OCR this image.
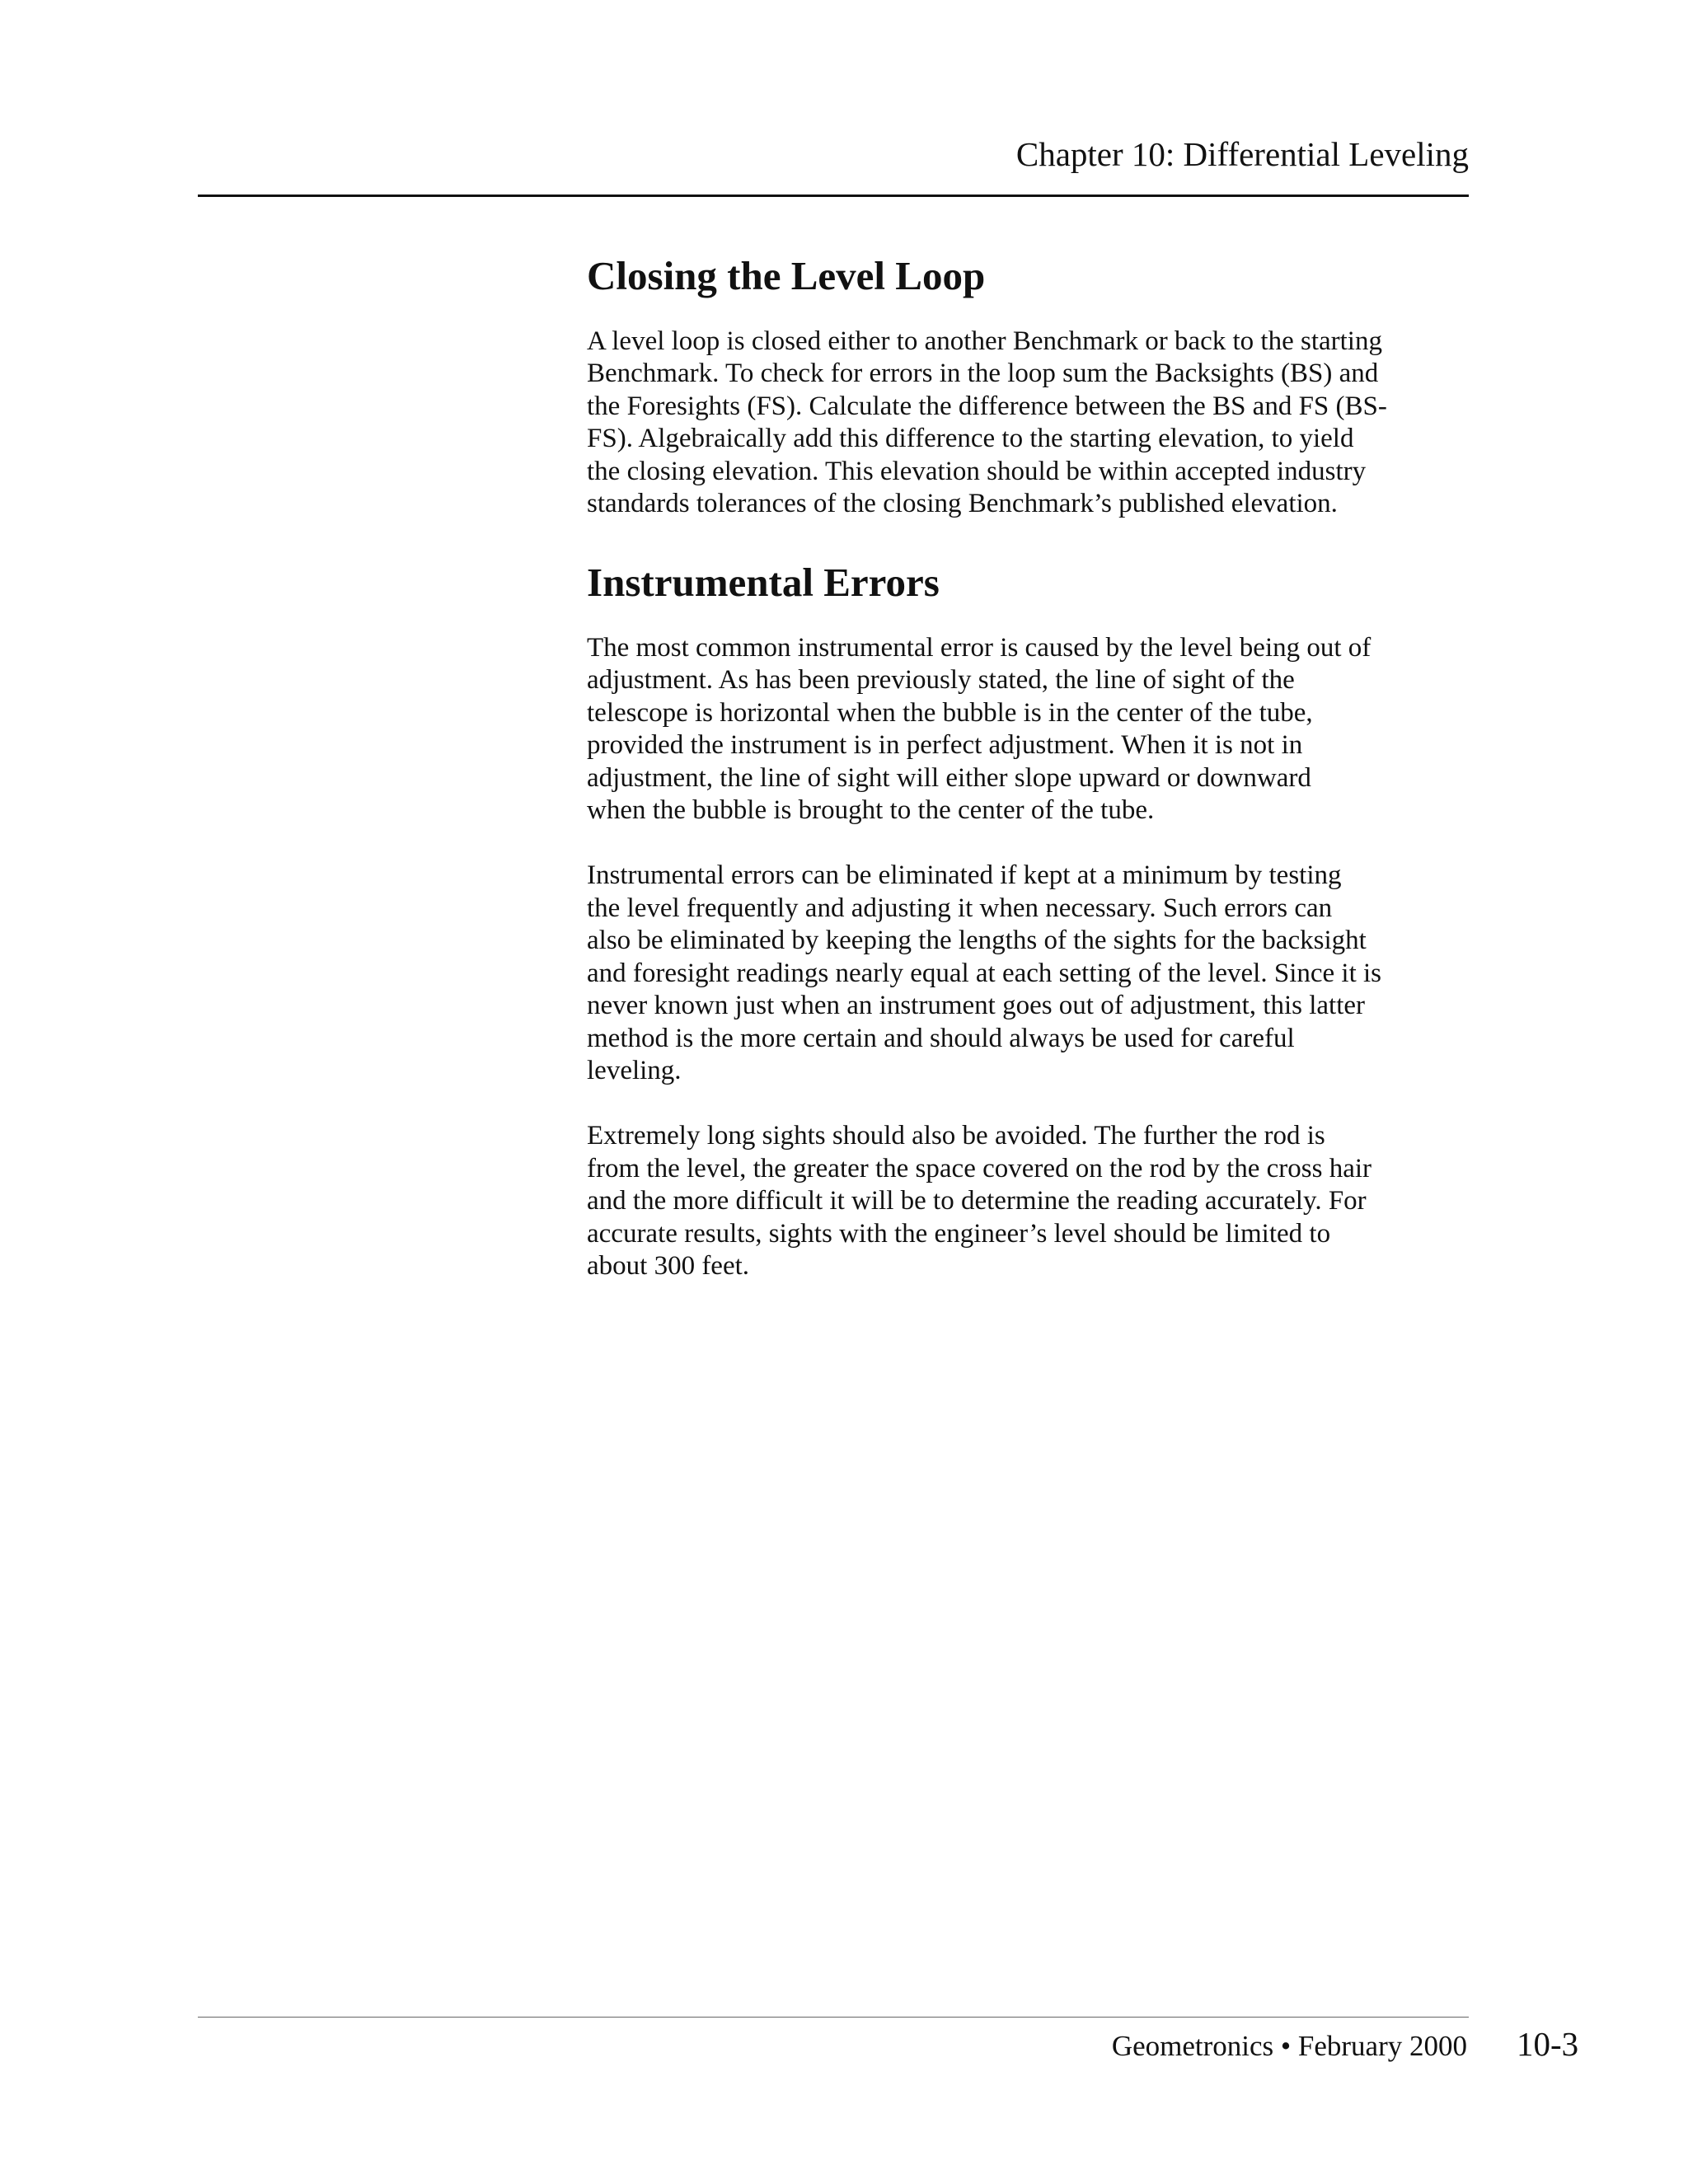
Chapter 10: Differential Leveling
Closing the Level Loop

A level loop is closed either to another Benchmark or back to the starting
Benchmark. To check for errors in the loop sum the Backsights (BS) and
the Foresights (FS). Calculate the difference between the BS and FS (BS-
FS). Algebraically add this difference to the starting elevation, to yield
the closing elevation. This elevation should be within accepted industry
standards tolerances of the closing Benchmark’s published elevation.

Instrumental Errors

The most common instrumental error is caused by the level being out of
adjustment. As has been previously stated, the line of sight of the
telescope is horizontal when the bubble is in the center of the tube,
provided the instrument is in perfect adjustment. When it is not in
adjustment, the line of sight will either slope upward or downward
when the bubble is brought to the center of the tube.

Instrumental errors can be eliminated if kept at a minimum by testing
the level frequently and adjusting it when necessary. Such errors can
also be eliminated by keeping the lengths of the sights for the backsight
and foresight readings nearly equal at each setting of the level. Since it is
never known just when an instrument goes out of adjustment, this latter
method is the more certain and should always be used for careful
leveling.

Extremely long sights should also be avoided. The further the rod is
from the level, the greater the space covered on the rod by the cross hair
and the more difficult it will be to determine the reading accurately. For
accurate results, sights with the engineer’s level should be limited to
about 300 feet.

Geometronics • February 2000 10-3
